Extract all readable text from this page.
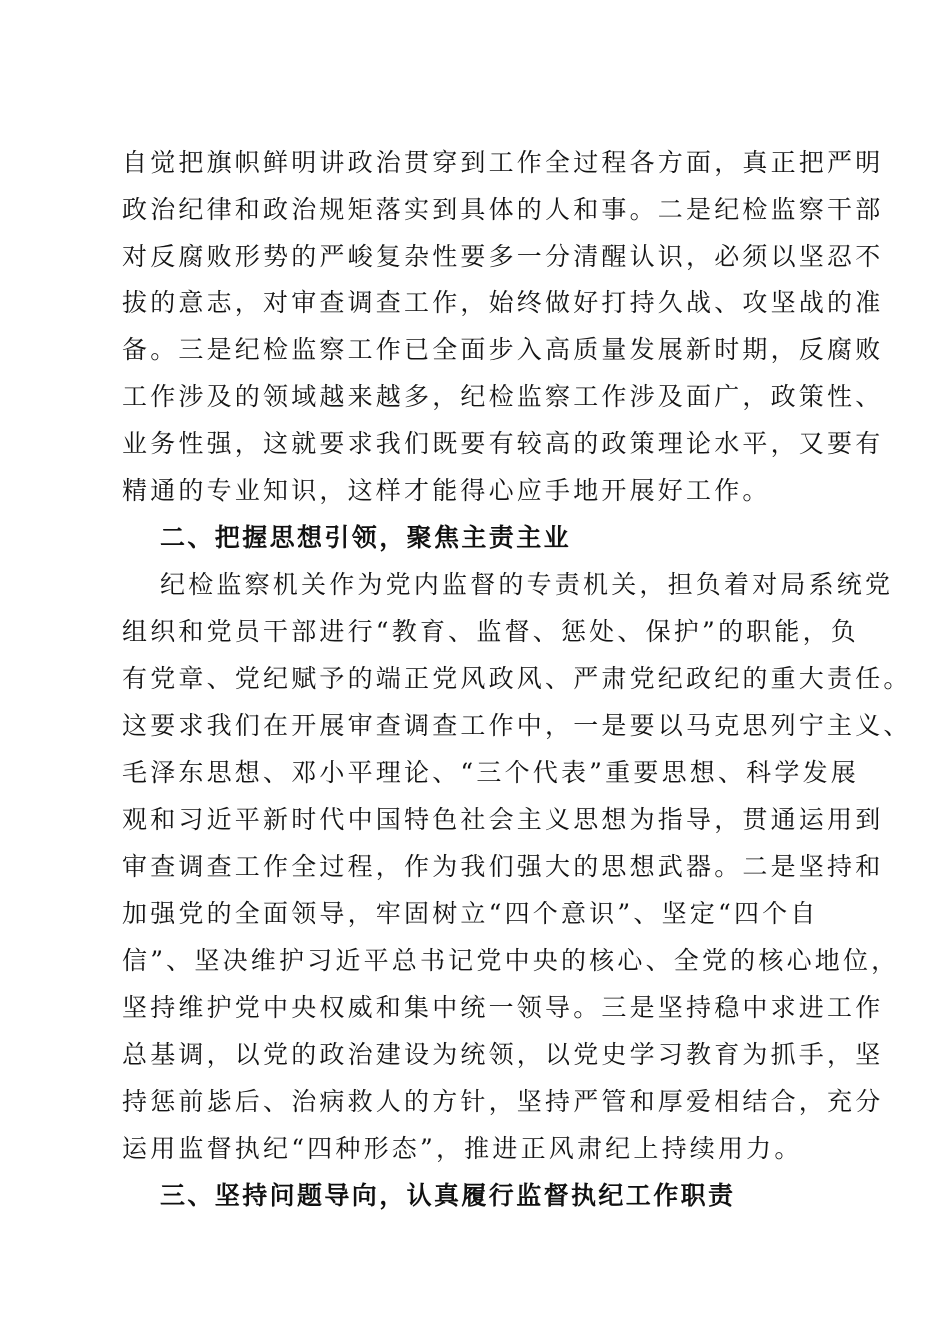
自觉把旗帜鲜明讲政治贯穿到工作全过程各方面，真正把严明
政治纪律和政治规矩落实到具体的人和事。二是纪检监察干部
对反腐败形势的严峻复杂性要多一分清醒认识，必须以坚忍不
拔的意志，对审查调查工作，始终做好打持久战、攻坚战的准
备。三是纪检监察工作已全面步入高质量发展新时期，反腐败
工作涉及的领域越来越多，纪检监察工作涉及面广，政策性、
业务性强，这就要求我们既要有较高的政策理论水平，又要有
精通的专业知识，这样才能得心应手地开展好工作。
二、把握思想引领，聚焦主责主业
纪检监察机关作为党内监督的专责机关，担负着对局系统党
组织和党员干部进行“教育、监督、惩处、保护”的职能，负
有党章、党纪赋予的端正党风政风、严肃党纪政纪的重大责任。
这要求我们在开展审查调查工作中，一是要以马克思列宁主义、
毛泽东思想、邓小平理论、“三个代表”重要思想、科学发展
观和习近平新时代中国特色社会主义思想为指导，贯通运用到
审查调查工作全过程，作为我们强大的思想武器。二是坚持和
加强党的全面领导，牢固树立“四个意识”、坚定“四个自
信”、坚决维护习近平总书记党中央的核心、全党的核心地位，
坚持维护党中央权威和集中统一领导。三是坚持稳中求进工作
总基调，以党的政治建设为统领，以党史学习教育为抓手，坚
持惩前毖后、治病救人的方针，坚持严管和厚爱相结合，充分
运用监督执纪“四种形态”，推进正风肃纪上持续用力。
三、坚持问题导向，认真履行监督执纪工作职责
